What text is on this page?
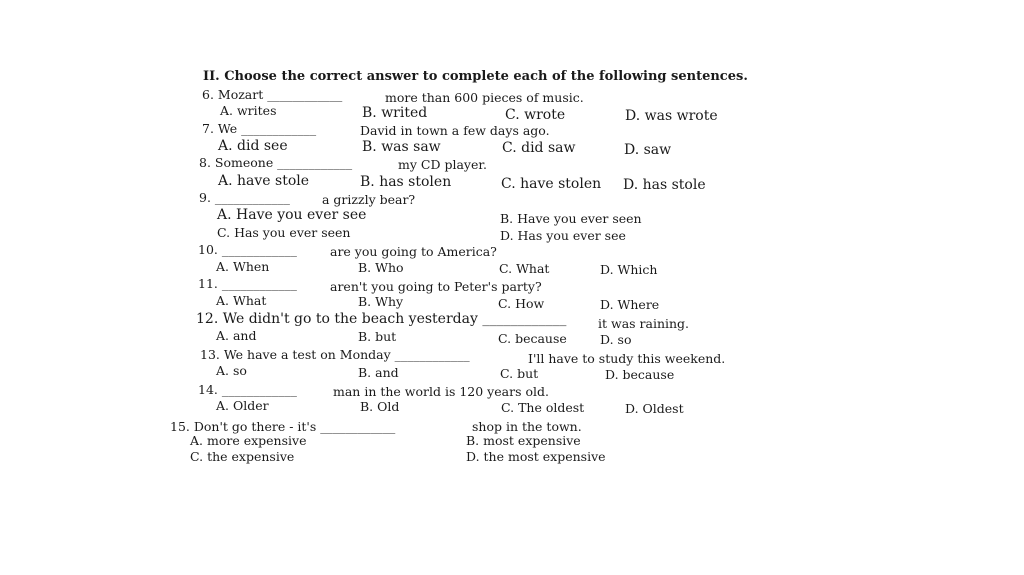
II. Choose the correct answer to complete each of the following sentences.
6. Mozart ____________	more than 600 pieces of music.
A. writes	B. writed	C. wrote	D. was wrote
7. We ____________	David in town a few days ago.
A. did see	B. was saw	C. did saw	D. saw
8. Someone ____________	my CD player.
A. have stole	B. has stolen	C. have stolen D. has stole
9. ____________	a grizzly bear?
A. Have you ever see	B. Have you ever seen
C. Has you ever seen	D. Has you ever see
10. ____________	are you going to America?
A. When	B. Who	C. What	D. Which
11. ____________	aren't you going to Peter's party?
A. What	B. Why	C. How	D. Where
12. We didn't go to the beach yesterday ____________	it was raining.
A. and	B. but	C. because	D. so
13. We have a test on Monday ____________	I'll have to study this weekend.
A. so	B. and	C. but	D. because
14. ____________	man in the world is 120 years old.
A. Older	B. Old	C. The oldest	D. Oldest
15. Don't go there - it's ____________	shop in the town.
A. more expensive	B. most expensive
C. the expensive	D. the most expensive
